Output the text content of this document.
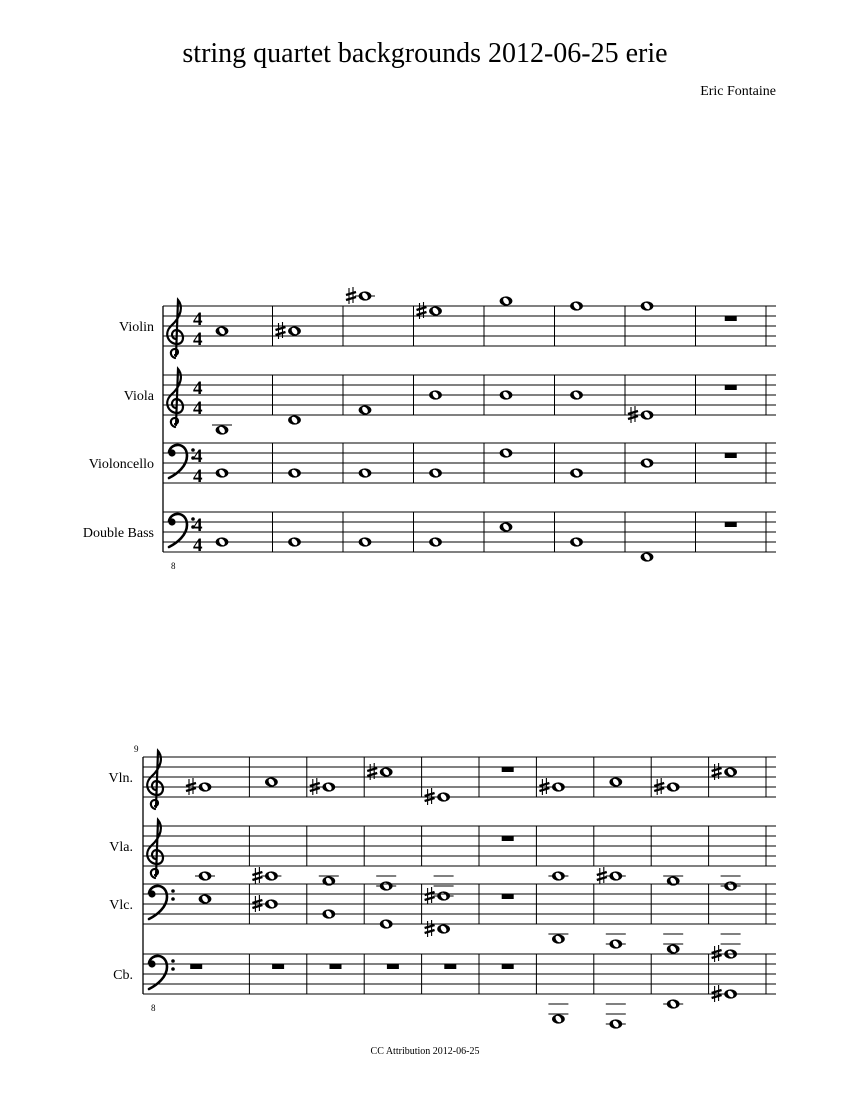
string quartet backgrounds 2012-06-25 erie
Eric Fontaine
Violin 4
4
Viola 4
4
Violoncello 4
4
Double Bass
8
4
4
9
Vln.
Vla.
Vlc.
Cb.
8
CC Attribution 2012-06-25
